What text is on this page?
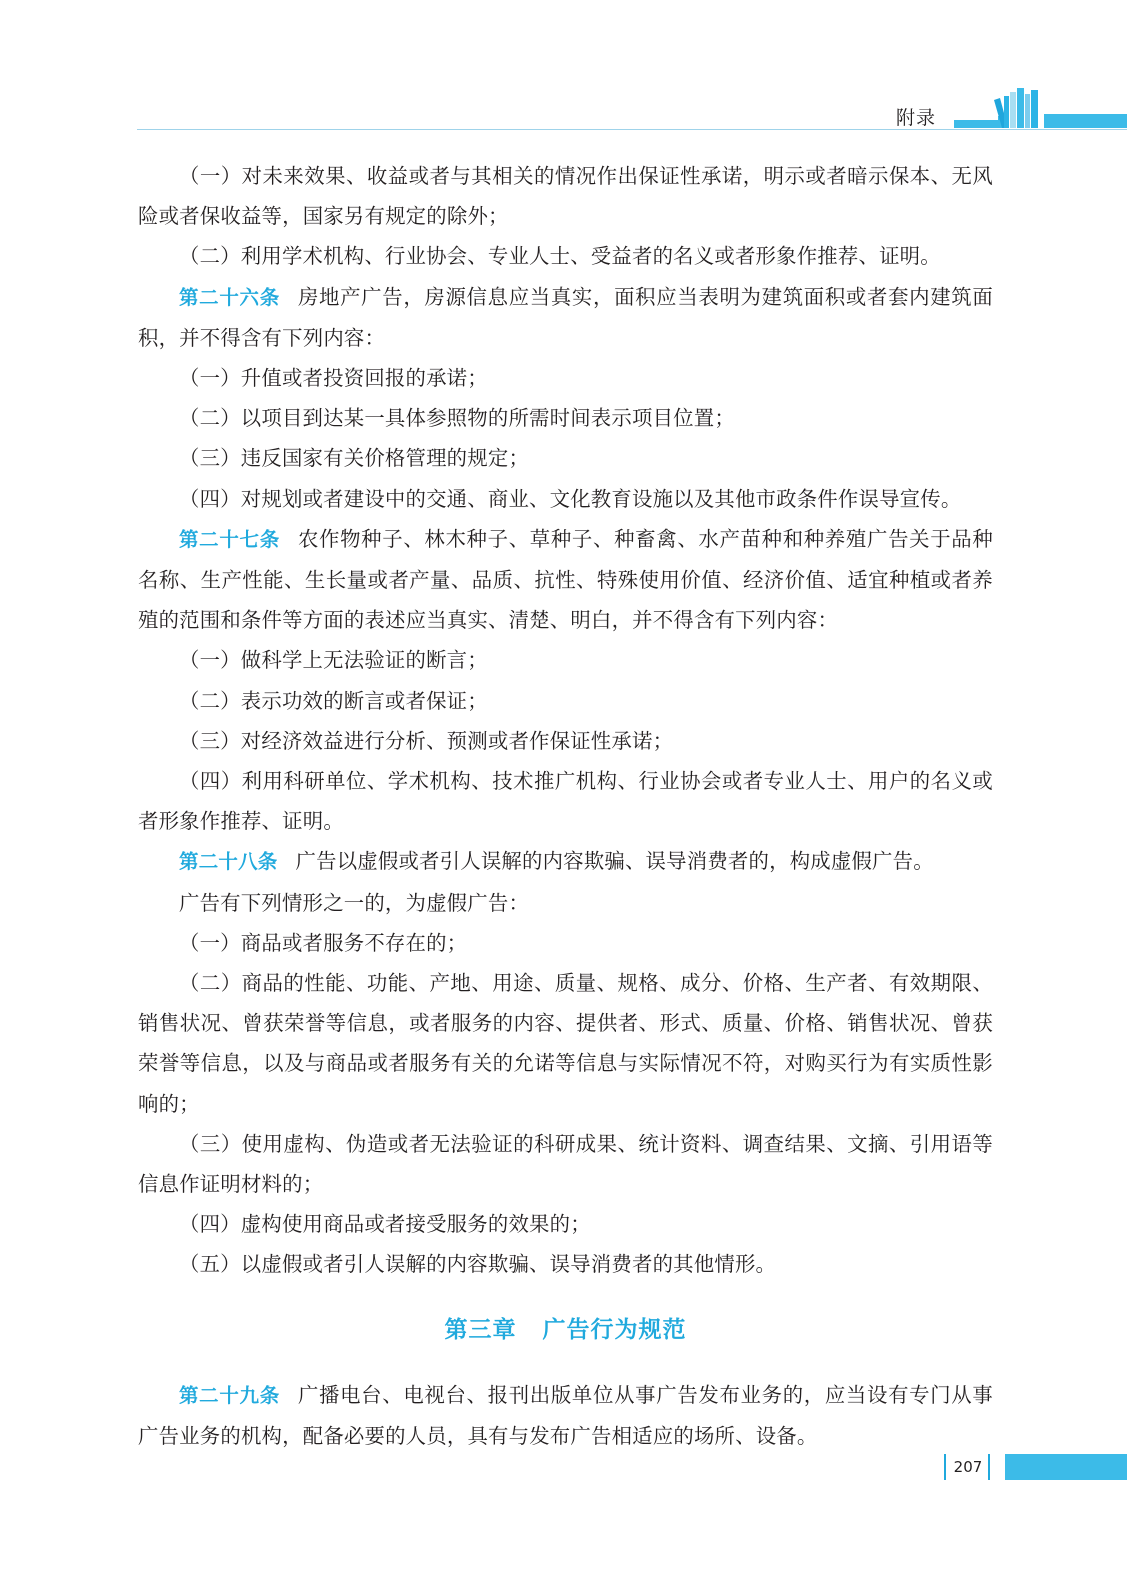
附录

（一）对未来效果、收益或者与其相关的情况作出保证性承诺，明示或者暗示保本、无风险或者保收益等，国家另有规定的除外；

（二）利用学术机构、行业协会、专业人士、受益者的名义或者形象作推荐、证明。

第二十六条 房地产广告，房源信息应当真实，面积应当表明为建筑面积或者套内建筑面积，并不得含有下列内容：

（一）升值或者投资回报的承诺；

（二）以项目到达某一具体参照物的所需时间表示项目位置；

（三）违反国家有关价格管理的规定；

（四）对规划或者建设中的交通、商业、文化教育设施以及其他市政条件作误导宣传。

第二十七条 农作物种子、林木种子、草种子、种畜禽、水产苗种和种养殖广告关于品种名称、生产性能、生长量或者产量、品质、抗性、特殊使用价值、经济价值、适宜种植或者养殖的范围和条件等方面的表述应当真实、清楚、明白，并不得含有下列内容：

（一）做科学上无法验证的断言；

（二）表示功效的断言或者保证；

（三）对经济效益进行分析、预测或者作保证性承诺；

（四）利用科研单位、学术机构、技术推广机构、行业协会或者专业人士、用户的名义或者形象作推荐、证明。

第二十八条 广告以虚假或者引人误解的内容欺骗、误导消费者的，构成虚假广告。

广告有下列情形之一的，为虚假广告：

（一）商品或者服务不存在的；

（二）商品的性能、功能、产地、用途、质量、规格、成分、价格、生产者、有效期限、销售状况、曾获荣誉等信息，或者服务的内容、提供者、形式、质量、价格、销售状况、曾获荣誉等信息，以及与商品或者服务有关的允诺等信息与实际情况不符，对购买行为有实质性影响的；

（三）使用虚构、伪造或者无法验证的科研成果、统计资料、调查结果、文摘、引用语等信息作证明材料的；

（四）虚构使用商品或者接受服务的效果的；

（五）以虚假或者引人误解的内容欺骗、误导消费者的其他情形。

第三章 广告行为规范

第二十九条 广播电台、电视台、报刊出版单位从事广告发布业务的，应当设有专门从事广告业务的机构，配备必要的人员，具有与发布广告相适应的场所、设备。

207
